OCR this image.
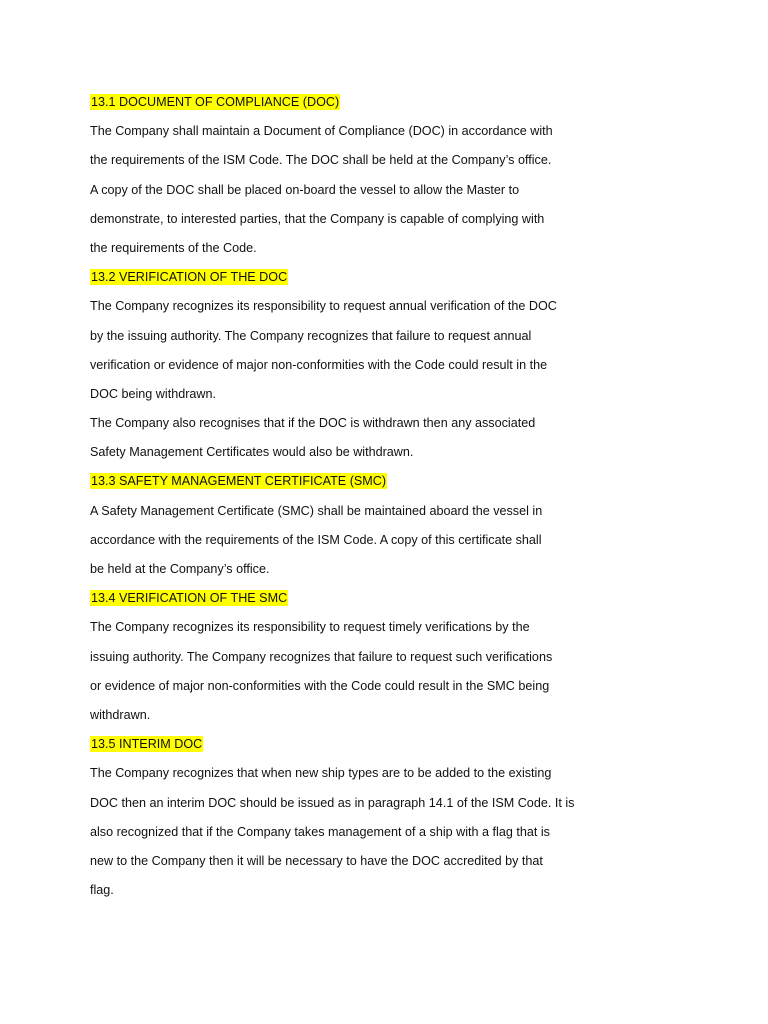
13.1 DOCUMENT OF COMPLIANCE (DOC)
The Company shall maintain a Document of Compliance (DOC) in accordance with
the requirements of the ISM Code. The DOC shall be held at the Company’s office.
A copy of the DOC shall be placed on-board the vessel to allow the Master to
demonstrate, to interested parties, that the Company is capable of complying with
the requirements of the Code.
13.2 VERIFICATION OF THE DOC
The Company recognizes its responsibility to request annual verification of the DOC
by the issuing authority. The Company recognizes that failure to request annual
verification or evidence of major non-conformities with the Code could result in the
DOC being withdrawn.
The Company also recognises that if the DOC is withdrawn then any associated
Safety Management Certificates would also be withdrawn.
13.3 SAFETY MANAGEMENT CERTIFICATE (SMC)
A Safety Management Certificate (SMC) shall be maintained aboard the vessel in
accordance with the requirements of the ISM Code. A copy of this certificate shall
be held at the Company’s office.
13.4 VERIFICATION OF THE SMC
The Company recognizes its responsibility to request timely verifications by the
issuing authority. The Company recognizes that failure to request such verifications
or evidence of major non-conformities with the Code could result in the SMC being
withdrawn.
13.5 INTERIM DOC
The Company recognizes that when new ship types are to be added to the existing
DOC then an interim DOC should be issued as in paragraph 14.1 of the ISM Code. It is
also recognized that if the Company takes management of a ship with a flag that is
new to the Company then it will be necessary to have the DOC accredited by that
flag.
